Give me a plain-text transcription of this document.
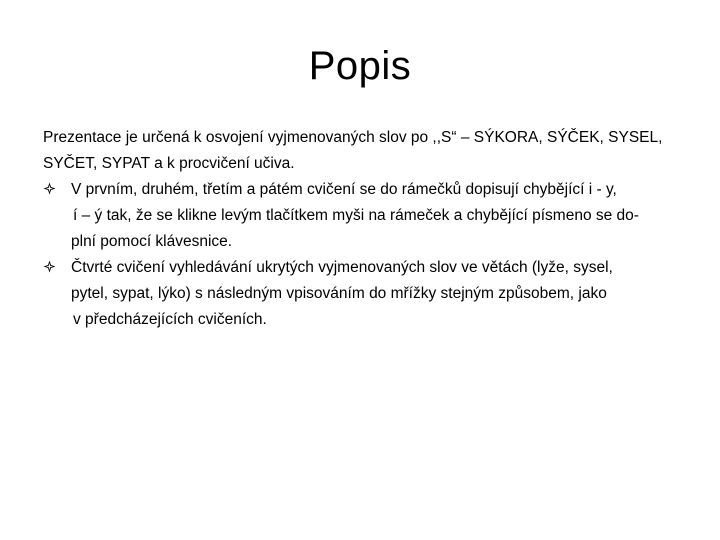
Popis
Prezentace je určená k osvojení vyjmenovaných slov po ,,S“ – SÝKORA, SÝČEK, SYSEL,
SYČET, SYPAT a k procvičení učiva.
V prvním, druhém, třetím a pátém cvičení se do rámečků dopisují chybějící i - y,
í – ý tak, že se klikne levým tlačítkem myši na rámeček a chybějící písmeno se do-
plní pomocí klávesnice.
Čtvrté cvičení vyhledávání ukrytých vyjmenovaných slov ve větách (lyže, sysel,
pytel, sypat, lýko) s následným vpisováním do mřížky stejným způsobem, jako
v předcházejících cvičeních.
